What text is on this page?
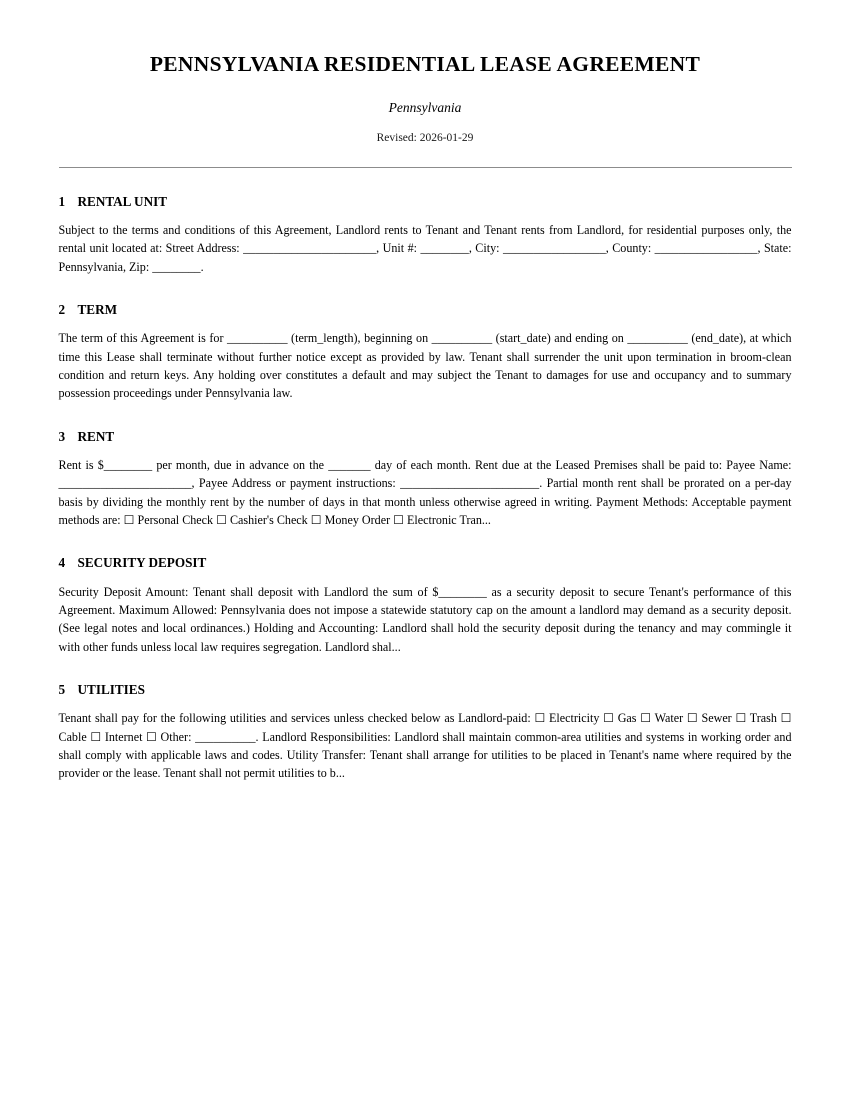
PENNSYLVANIA RESIDENTIAL LEASE AGREEMENT
Pennsylvania
Revised: 2026-01-29
1 RENTAL UNIT

Subject to the terms and conditions of this Agreement, Landlord rents to Tenant and Tenant rents from Landlord, for residential purposes only, the rental unit located at: Street Address: ______________________, Unit #: ________, City: _________________, County: _________________, State: Pennsylvania, Zip: ________.

2 TERM

The term of this Agreement is for __________ (term_length), beginning on __________ (start_date) and ending on __________ (end_date), at which time this Lease shall terminate without further notice except as provided by law. Tenant shall surrender the unit upon termination in broom-clean condition and return keys. Any holding over constitutes a default and may subject the Tenant to damages for use and occupancy and to summary possession proceedings under Pennsylvania law.

3 RENT

Rent is $________ per month, due in advance on the _______ day of each month. Rent due at the Leased Premises shall be paid to: Payee Name: ______________________, Payee Address or payment instructions: _______________________. Partial month rent shall be prorated on a per-day basis by dividing the monthly rent by the number of days in that month unless otherwise agreed in writing. Payment Methods: Acceptable payment methods are: ☐ Personal Check ☐ Cashier's Check ☐ Money Order ☐ Electronic Tran...

4 SECURITY DEPOSIT

Security Deposit Amount: Tenant shall deposit with Landlord the sum of $________ as a security deposit to secure Tenant's performance of this Agreement. Maximum Allowed: Pennsylvania does not impose a statewide statutory cap on the amount a landlord may demand as a security deposit. (See legal notes and local ordinances.) Holding and Accounting: Landlord shall hold the security deposit during the tenancy and may commingle it with other funds unless local law requires segregation. Landlord shal...

5 UTILITIES

Tenant shall pay for the following utilities and services unless checked below as Landlord-paid: ☐ Electricity ☐ Gas ☐ Water ☐ Sewer ☐ Trash ☐ Cable ☐ Internet ☐ Other: __________. Landlord Responsibilities: Landlord shall maintain common-area utilities and systems in working order and shall comply with applicable laws and codes. Utility Transfer: Tenant shall arrange for utilities to be placed in Tenant's name where required by the provider or the lease. Tenant shall not permit utilities to b...
